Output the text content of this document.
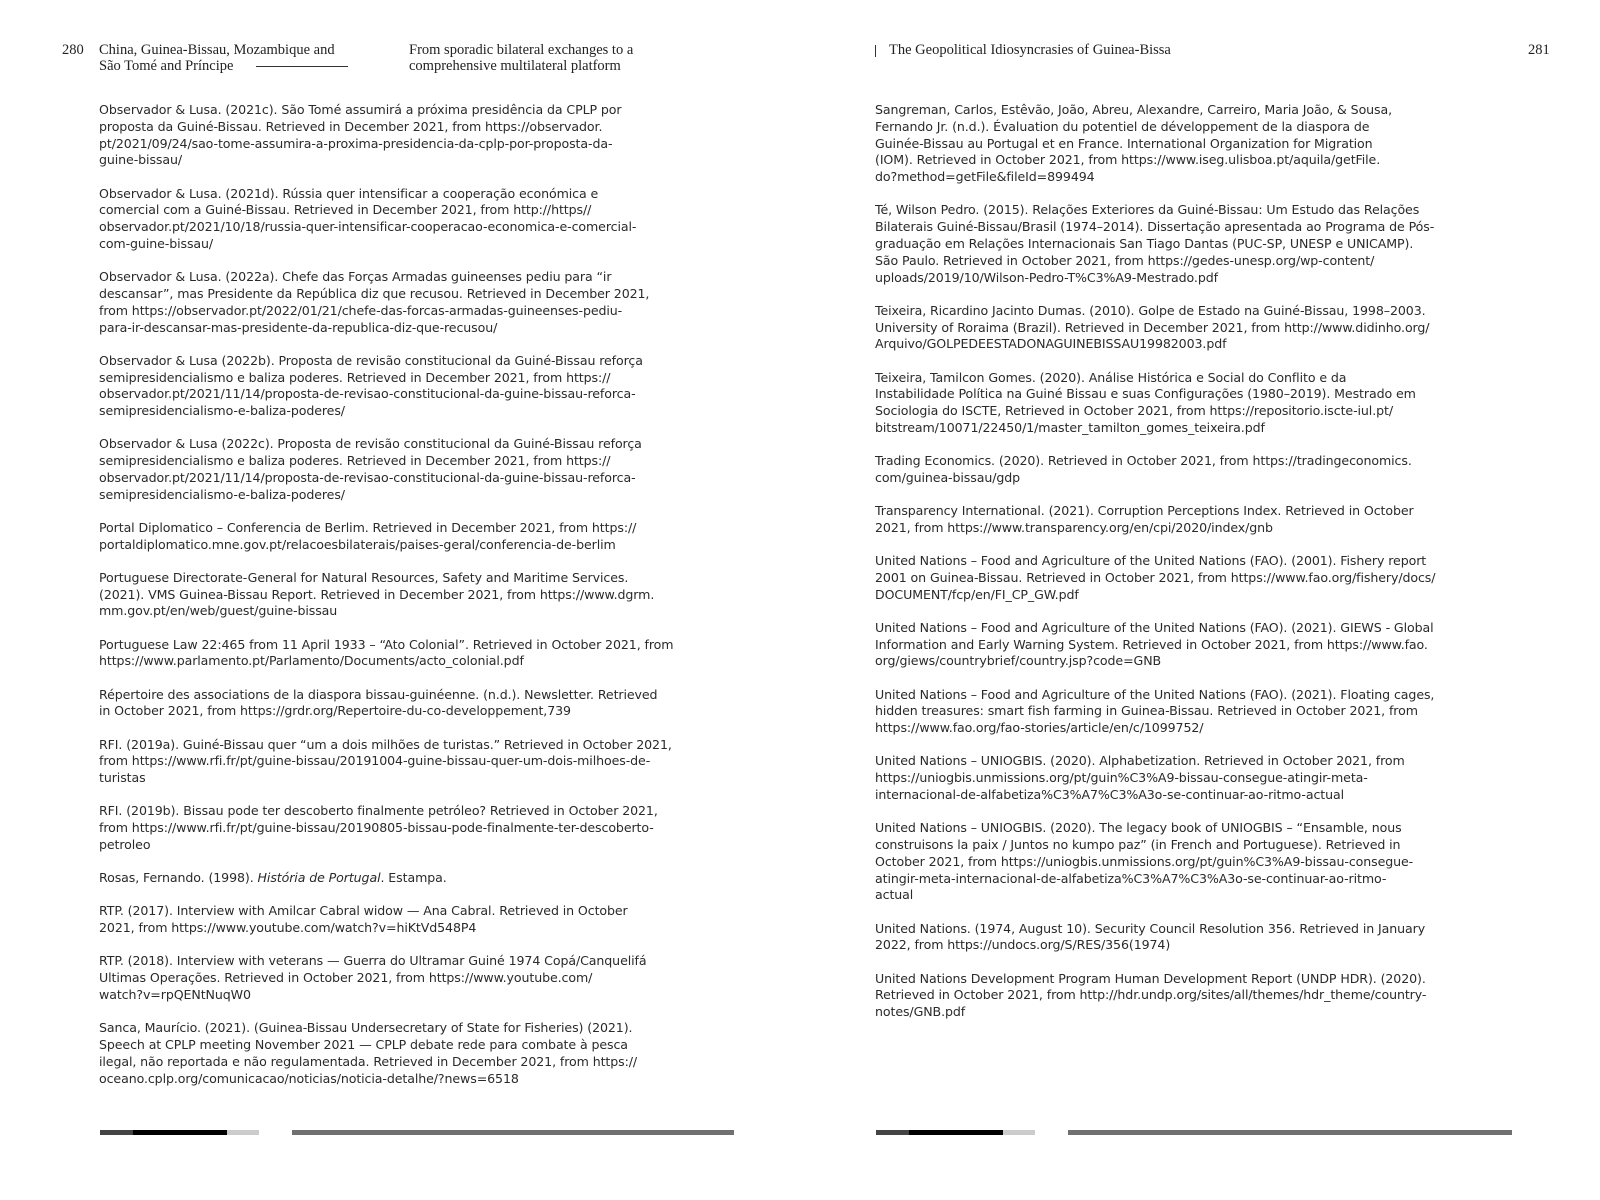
280 China, Guinea-Bissau, Mozambique and
São Tomé and Príncipe
From sporadic bilateral exchanges to a
comprehensive multilateral platform

Observador & Lusa. (2021c). São Tomé assumirá a próxima presidência da CPLP por
proposta da Guiné-Bissau. Retrieved in December 2021, from https://observador.
pt/2021/09/24/sao-tome-assumira-a-proxima-presidencia-da-cplp-por-proposta-da-
guine-bissau/

Observador & Lusa. (2021d). Rússia quer intensificar a cooperação económica e
comercial com a Guiné-Bissau. Retrieved in December 2021, from http://https//
observador.pt/2021/10/18/russia-quer-intensificar-cooperacao-economica-e-comercial-
com-guine-bissau/

Observador & Lusa. (2022a). Chefe das Forças Armadas guineenses pediu para “ir
descansar”, mas Presidente da República diz que recusou. Retrieved in December 2021,
from https://observador.pt/2022/01/21/chefe-das-forcas-armadas-guineenses-pediu-
para-ir-descansar-mas-presidente-da-republica-diz-que-recusou/

Observador & Lusa (2022b). Proposta de revisão constitucional da Guiné-Bissau reforça
semipresidencialismo e baliza poderes. Retrieved in December 2021, from https://
observador.pt/2021/11/14/proposta-de-revisao-constitucional-da-guine-bissau-reforca-
semipresidencialismo-e-baliza-poderes/

Observador & Lusa (2022c). Proposta de revisão constitucional da Guiné-Bissau reforça
semipresidencialismo e baliza poderes. Retrieved in December 2021, from https://
observador.pt/2021/11/14/proposta-de-revisao-constitucional-da-guine-bissau-reforca-
semipresidencialismo-e-baliza-poderes/

Portal Diplomatico – Conferencia de Berlim. Retrieved in December 2021, from https://
portaldiplomatico.mne.gov.pt/relacoesbilaterais/paises-geral/conferencia-de-berlim

Portuguese Directorate-General for Natural Resources, Safety and Maritime Services.
(2021). VMS Guinea-Bissau Report. Retrieved in December 2021, from https://www.dgrm.
mm.gov.pt/en/web/guest/guine-bissau

Portuguese Law 22:465 from 11 April 1933 – “Ato Colonial”. Retrieved in October 2021, from
https://www.parlamento.pt/Parlamento/Documents/acto_colonial.pdf

Répertoire des associations de la diaspora bissau-guinéenne. (n.d.). Newsletter. Retrieved
in October 2021, from https://grdr.org/Repertoire-du-co-developpement,739

RFI. (2019a). Guiné-Bissau quer “um a dois milhões de turistas.” Retrieved in October 2021,
from https://www.rfi.fr/pt/guine-bissau/20191004-guine-bissau-quer-um-dois-milhoes-de-
turistas

RFI. (2019b). Bissau pode ter descoberto finalmente petróleo? Retrieved in October 2021,
from https://www.rfi.fr/pt/guine-bissau/20190805-bissau-pode-finalmente-ter-descoberto-
petroleo

Rosas, Fernando. (1998). História de Portugal. Estampa.

RTP. (2017). Interview with Amilcar Cabral widow — Ana Cabral. Retrieved in October
2021, from https://www.youtube.com/watch?v=hiKtVd548P4

RTP. (2018). Interview with veterans — Guerra do Ultramar Guiné 1974 Copá/Canquelifá
Ultimas Operações. Retrieved in October 2021, from https://www.youtube.com/
watch?v=rpQENtNuqW0

Sanca, Maurício. (2021). (Guinea-Bissau Undersecretary of State for Fisheries) (2021).
Speech at CPLP meeting November 2021 — CPLP debate rede para combate à pesca
ilegal, não reportada e não regulamentada. Retrieved in December 2021, from https://
oceano.cplp.org/comunicacao/noticias/noticia-detalhe/?news=6518

The Geopolitical Idiosyncrasies of Guinea-Bissa	281

Sangreman, Carlos, Estêvão, João, Abreu, Alexandre, Carreiro, Maria João, & Sousa,
Fernando Jr. (n.d.). Évaluation du potentiel de développement de la diaspora de
Guinée-Bissau au Portugal et en France. International Organization for Migration
(IOM). Retrieved in October 2021, from https://www.iseg.ulisboa.pt/aquila/getFile.
do?method=getFile&fileId=899494

Té, Wilson Pedro. (2015). Relações Exteriores da Guiné-Bissau: Um Estudo das Relações
Bilaterais Guiné-Bissau/Brasil (1974–2014). Dissertação apresentada ao Programa de Pós-
graduação em Relações Internacionais San Tiago Dantas (PUC-SP, UNESP e UNICAMP).
São Paulo. Retrieved in October 2021, from https://gedes-unesp.org/wp-content/
uploads/2019/10/Wilson-Pedro-T%C3%A9-Mestrado.pdf

Teixeira, Ricardino Jacinto Dumas. (2010). Golpe de Estado na Guiné-Bissau, 1998–2003.
University of Roraima (Brazil). Retrieved in December 2021, from http://www.didinho.org/
Arquivo/GOLPEDEESTADONAGUINEBISSAU19982003.pdf

Teixeira, Tamilcon Gomes. (2020). Análise Histórica e Social do Conflito e da
Instabilidade Política na Guiné Bissau e suas Configurações (1980–2019). Mestrado em
Sociologia do ISCTE, Retrieved in October 2021, from https://repositorio.iscte-iul.pt/
bitstream/10071/22450/1/master_tamilton_gomes_teixeira.pdf

Trading Economics. (2020). Retrieved in October 2021, from https://tradingeconomics.
com/guinea-bissau/gdp

Transparency International. (2021). Corruption Perceptions Index. Retrieved in October
2021, from https://www.transparency.org/en/cpi/2020/index/gnb

United Nations – Food and Agriculture of the United Nations (FAO). (2001). Fishery report
2001 on Guinea-Bissau. Retrieved in October 2021, from https://www.fao.org/fishery/docs/
DOCUMENT/fcp/en/FI_CP_GW.pdf

United Nations – Food and Agriculture of the United Nations (FAO). (2021). GIEWS - Global
Information and Early Warning System. Retrieved in October 2021, from https://www.fao.
org/giews/countrybrief/country.jsp?code=GNB

United Nations – Food and Agriculture of the United Nations (FAO). (2021). Floating cages,
hidden treasures: smart fish farming in Guinea-Bissau. Retrieved in October 2021, from
https://www.fao.org/fao-stories/article/en/c/1099752/

United Nations – UNIOGBIS. (2020). Alphabetization. Retrieved in October 2021, from
https://uniogbis.unmissions.org/pt/guin%C3%A9-bissau-consegue-atingir-meta-
internacional-de-alfabetiza%C3%A7%C3%A3o-se-continuar-ao-ritmo-actual

United Nations – UNIOGBIS. (2020). The legacy book of UNIOGBIS – “Ensamble, nous
construisons la paix / Juntos no kumpo paz” (in French and Portuguese). Retrieved in
October 2021, from https://uniogbis.unmissions.org/pt/guin%C3%A9-bissau-consegue-
atingir-meta-internacional-de-alfabetiza%C3%A7%C3%A3o-se-continuar-ao-ritmo-
actual

United Nations. (1974, August 10). Security Council Resolution 356. Retrieved in January
2022, from https://undocs.org/S/RES/356(1974)

United Nations Development Program Human Development Report (UNDP HDR). (2020).
Retrieved in October 2021, from http://hdr.undp.org/sites/all/themes/hdr_theme/country-
notes/GNB.pdf
